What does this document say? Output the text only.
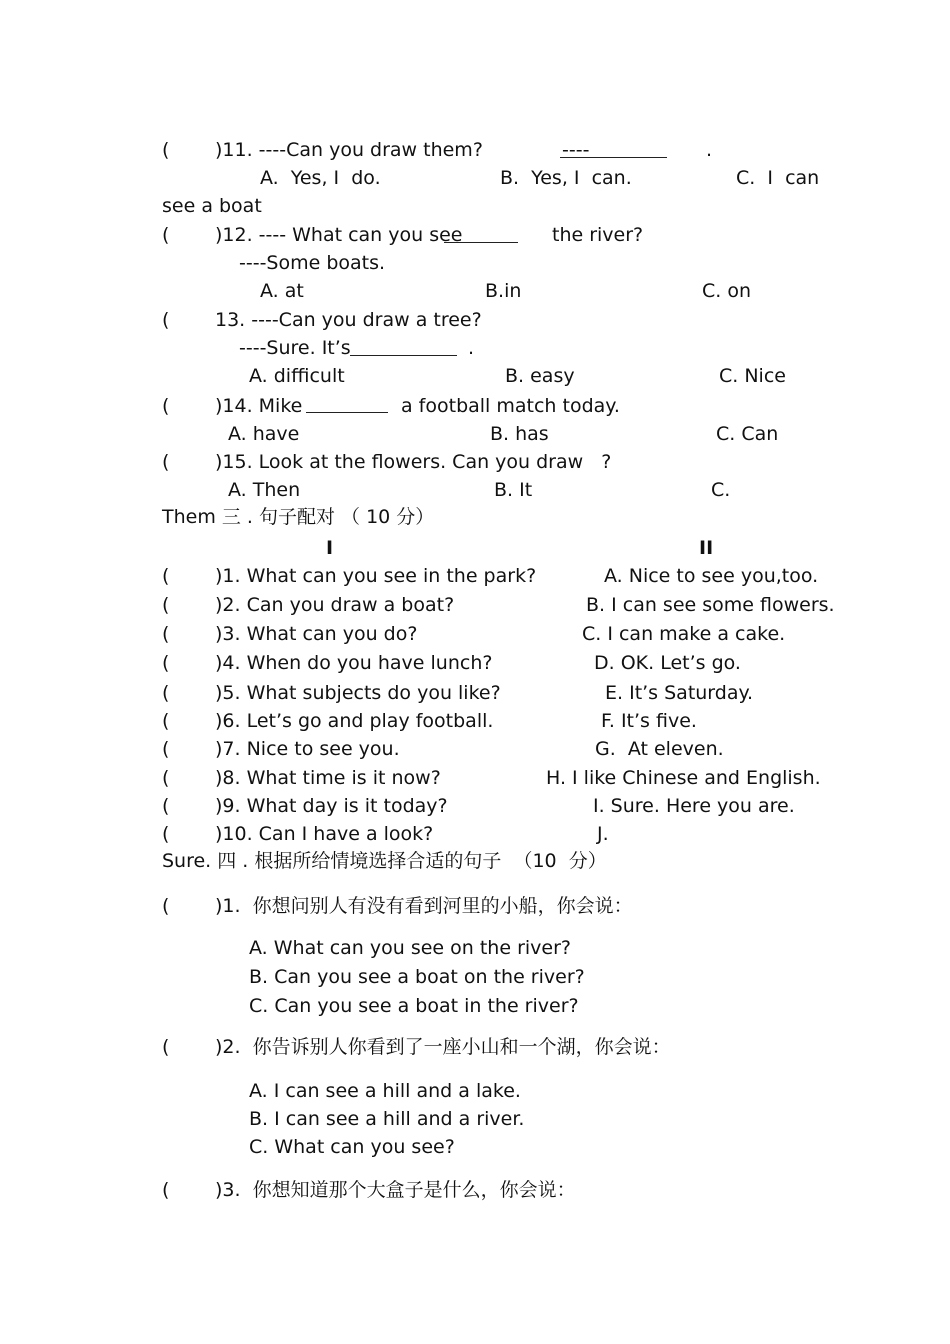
( )11. ----Can you draw them?	----	.
A.  Yes, I  do.	B.  Yes, I  can.	C.  I  can
see a boat
( )12. ---- What can you see	the river?
----Some boats.
A. at	B.in	C. on
( 13. ----Can you draw a tree?
----Sure. It’s	.
A. difficult	B. easy	C. Nice
( )14. Mike	a football match today.
A. have	B. has	C. Can
( )15. Look at the flowers. Can you draw   ?
A. Then	B. It	C.
Them 三 . 句子配对 （ 10 分）
I	II
( )1. What can you see in the park?	A. Nice to see you,too.
( )2. Can you draw a boat?	B. I can see some flowers.
( )3. What can you do?	C. I can make a cake.
( )4. When do you have lunch?	D. OK. Let’s go.
( )5. What subjects do you like?	E. It’s Saturday.
( )6. Let’s go and play football.	F. It’s five.
( )7. Nice to see you.	G.  At eleven.
( )8. What time is it now?	H. I like Chinese and English.
( )9. What day is it today?	I. Sure. Here you are.
( )10. Can I have a look?	J.
Sure. 四 . 根据所给情境选择合适的句子  （10  分）
( )1.  你想问别人有没有看到河里的小船，你会说：
A. What can you see on the river?
B. Can you see a boat on the river?
C. Can you see a boat in the river?
( )2.  你告诉别人你看到了一座小山和一个湖，你会说：
A. I can see a hill and a lake.
B. I can see a hill and a river.
C. What can you see?
( )3.  你想知道那个大盒子是什么，你会说：
